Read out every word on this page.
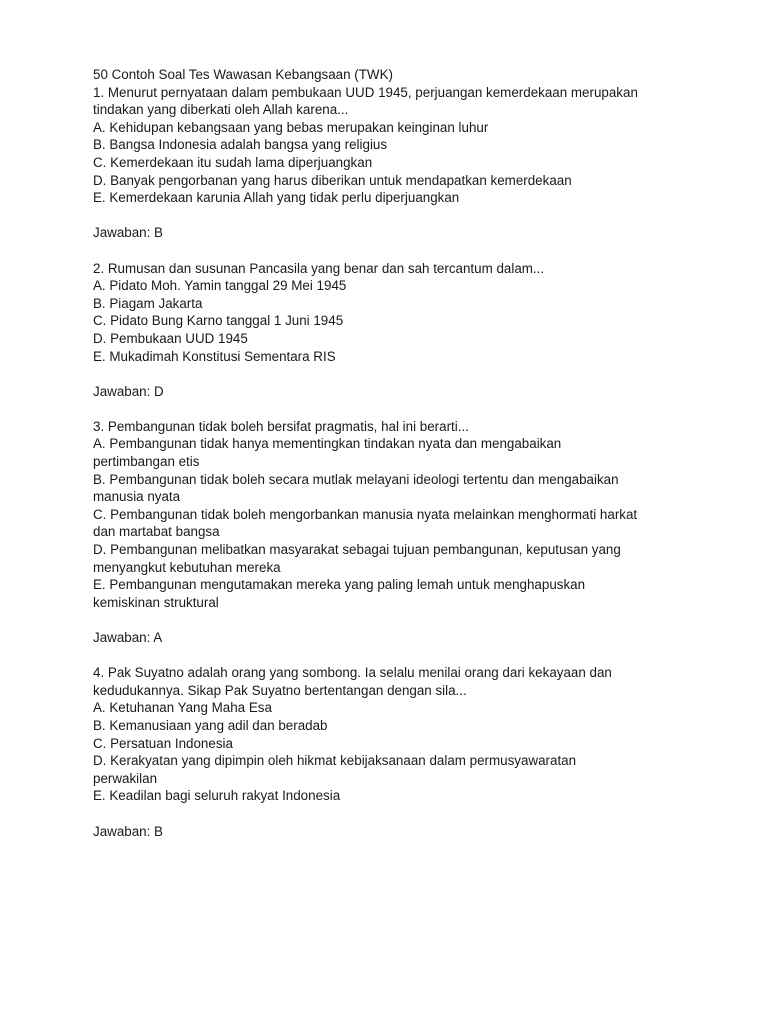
50 Contoh Soal Tes Wawasan Kebangsaan (TWK)
1. Menurut pernyataan dalam pembukaan UUD 1945, perjuangan kemerdekaan merupakan
tindakan yang diberkati oleh Allah karena...
A. Kehidupan kebangsaan yang bebas merupakan keinginan luhur
B. Bangsa Indonesia adalah bangsa yang religius
C. Kemerdekaan itu sudah lama diperjuangkan
D. Banyak pengorbanan yang harus diberikan untuk mendapatkan kemerdekaan
E. Kemerdekaan karunia Allah yang tidak perlu diperjuangkan
Jawaban: B
2. Rumusan dan susunan Pancasila yang benar dan sah tercantum dalam...
A. Pidato Moh. Yamin tanggal 29 Mei 1945
B. Piagam Jakarta
C. Pidato Bung Karno tanggal 1 Juni 1945
D. Pembukaan UUD 1945
E. Mukadimah Konstitusi Sementara RIS
Jawaban: D
3. Pembangunan tidak boleh bersifat pragmatis, hal ini berarti...
A. Pembangunan tidak hanya mementingkan tindakan nyata dan mengabaikan
pertimbangan etis
B. Pembangunan tidak boleh secara mutlak melayani ideologi tertentu dan mengabaikan
manusia nyata
C. Pembangunan tidak boleh mengorbankan manusia nyata melainkan menghormati harkat
dan martabat bangsa
D. Pembangunan melibatkan masyarakat sebagai tujuan pembangunan, keputusan yang
menyangkut kebutuhan mereka
E. Pembangunan mengutamakan mereka yang paling lemah untuk menghapuskan
kemiskinan struktural
Jawaban: A
4. Pak Suyatno adalah orang yang sombong. Ia selalu menilai orang dari kekayaan dan
kedudukannya. Sikap Pak Suyatno bertentangan dengan sila...
A. Ketuhanan Yang Maha Esa
B. Kemanusiaan yang adil dan beradab
C. Persatuan Indonesia
D. Kerakyatan yang dipimpin oleh hikmat kebijaksanaan dalam permusyawaratan
perwakilan
E. Keadilan bagi seluruh rakyat Indonesia
Jawaban: B
